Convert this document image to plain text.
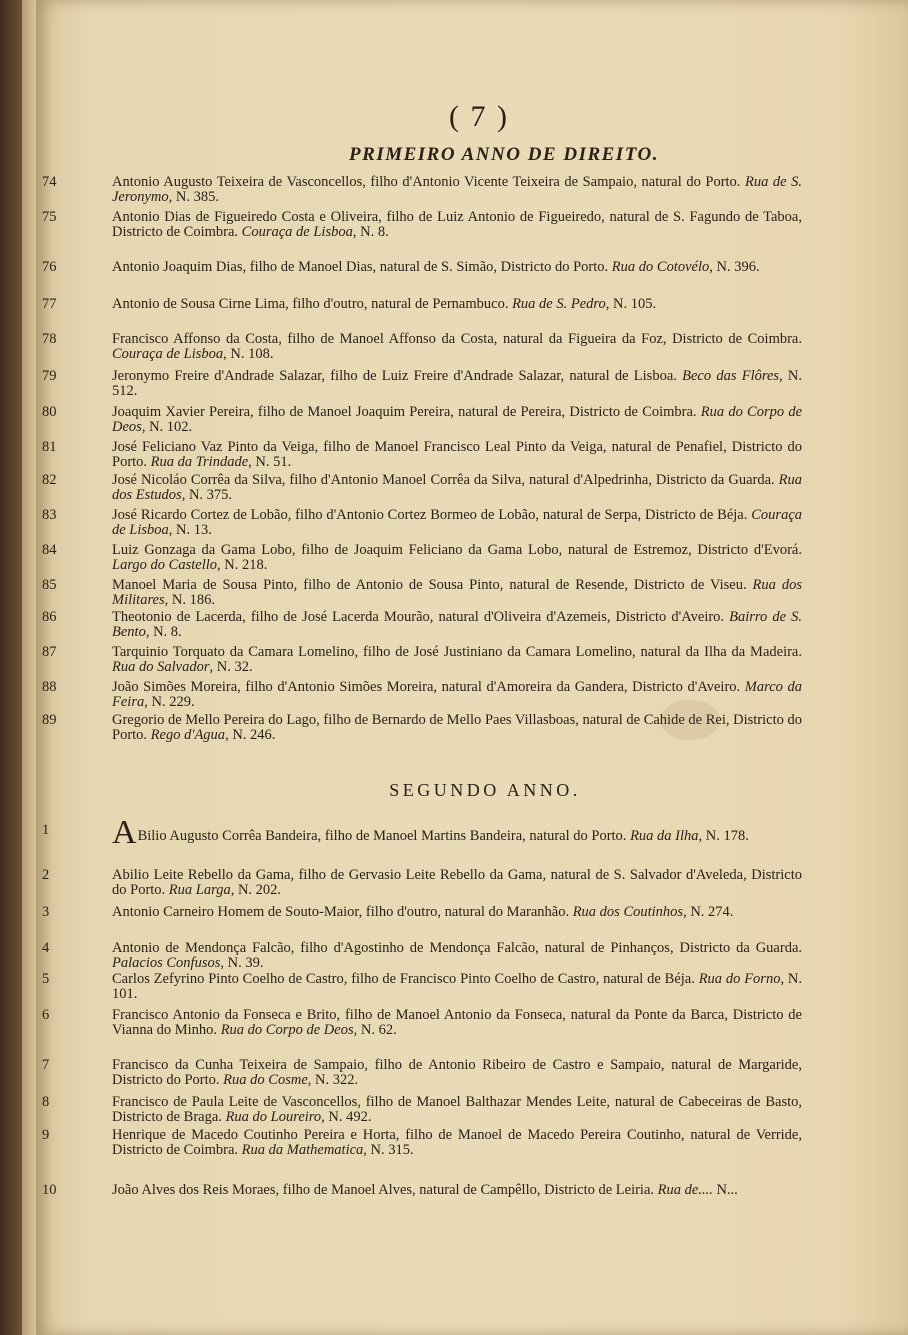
( 7 )
PRIMEIRO ANNO DE DIREITO.
74	Antonio Augusto Teixeira de Vasconcellos, filho d'Antonio Vicente Teixeira de Sampaio, natural do Porto. Rua de S. Jeronymo, N. 385.
75	Antonio Dias de Figueiredo Costa e Oliveira, filho de Luiz Antonio de Figueiredo, natural de S. Fagundo de Taboa, Districto de Coimbra. Couraça de Lisboa, N. 8.
76	Antonio Joaquim Dias, filho de Manoel Dias, natural de S. Simão, Districto do Porto. Rua do Cotovélo, N. 396.
77	Antonio de Sousa Cirne Lima, filho d'outro, natural de Pernambuco. Rua de S. Pedro, N. 105.
78	Francisco Affonso da Costa, filho de Manoel Affonso da Costa, natural da Figueira da Foz, Districto de Coimbra. Couraça de Lisboa, N. 108.
79	Jeronymo Freire d'Andrade Salazar, filho de Luiz Freire d'Andrade Salazar, natural de Lisboa. Beco das Flôres, N. 512.
80	Joaquim Xavier Pereira, filho de Manoel Joaquim Pereira, natural de Pereira, Districto de Coimbra. Rua do Corpo de Deos, N. 102.
81	José Feliciano Vaz Pinto da Veiga, filho de Manoel Francisco Leal Pinto da Veiga, natural de Penafiel, Districto do Porto. Rua da Trindade, N. 51.
82	José Nicoláo Corrêa da Silva, filho d'Antonio Manoel Corrêa da Silva, natural d'Alpedrinha, Districto da Guarda. Rua dos Estudos, N. 375.
83	José Ricardo Cortez de Lobão, filho d'Antonio Cortez Bormeo de Lobão, natural de Serpa, Districto de Béja. Couraça de Lisboa, N. 13.
84	Luiz Gonzaga da Gama Lobo, filho de Joaquim Feliciano da Gama Lobo, natural de Estremoz, Districto d'Evorá. Largo do Castello, N. 218.
85	Manoel Maria de Sousa Pinto, filho de Antonio de Sousa Pinto, natural de Resende, Districto de Viseu. Rua dos Militares, N. 186.
86	Theotonio de Lacerda, filho de José Lacerda Mourão, natural d'Oliveira d'Azemeis, Districto d'Aveiro. Bairro de S. Bento, N. 8.
87	Tarquinio Torquato da Camara Lomelino, filho de José Justiniano da Camara Lomelino, natural da Ilha da Madeira. Rua do Salvador, N. 32.
88	João Simões Moreira, filho d'Antonio Simões Moreira, natural d'Amoreira da Gandera, Districto d'Aveiro. Marco da Feira, N. 229.
89	Gregorio de Mello Pereira do Lago, filho de Bernardo de Mello Paes Villasboas, natural de Cahide de Rei, Districto do Porto. Rego d'Agua, N. 246.
SEGUNDO ANNO.
1	ABilio Augusto Corrêa Bandeira, filho de Manoel Martins Bandeira, natural do Porto. Rua da Ilha, N. 178.
2	Abilio Leite Rebello da Gama, filho de Gervasio Leite Rebello da Gama, natural de S. Salvador d'Aveleda, Districto do Porto. Rua Larga, N. 202.
3	Antonio Carneiro Homem de Souto-Maior, filho d'outro, natural do Maranhão. Rua dos Coutinhos, N. 274.
4	Antonio de Mendonça Falcão, filho d'Agostinho de Mendonça Falcão, natural de Pinhanços, Districto da Guarda. Palacios Confusos, N. 39.
5	Carlos Zefyrino Pinto Coelho de Castro, filho de Francisco Pinto Coelho de Castro, natural de Béja. Rua do Forno, N. 101.
6	Francisco Antonio da Fonseca e Brito, filho de Manoel Antonio da Fonseca, natural da Ponte da Barca, Districto de Vianna do Minho. Rua do Corpo de Deos, N. 62.
7	Francisco da Cunha Teixeira de Sampaio, filho de Antonio Ribeiro de Castro e Sampaio, natural de Margaride, Districto do Porto. Rua do Cosme, N. 322.
8	Francisco de Paula Leite de Vasconcellos, filho de Manoel Balthazar Mendes Leite, natural de Cabeceiras de Basto, Districto de Braga. Rua do Loureiro, N. 492.
9	Henrique de Macedo Coutinho Pereira e Horta, filho de Manoel de Macedo Pereira Coutinho, natural de Verride, Districto de Coimbra. Rua da Mathematica, N. 315.
10	João Alves dos Reis Moraes, filho de Manoel Alves, natural de Campêllo, Districto de Leiria. Rua de.... N...
